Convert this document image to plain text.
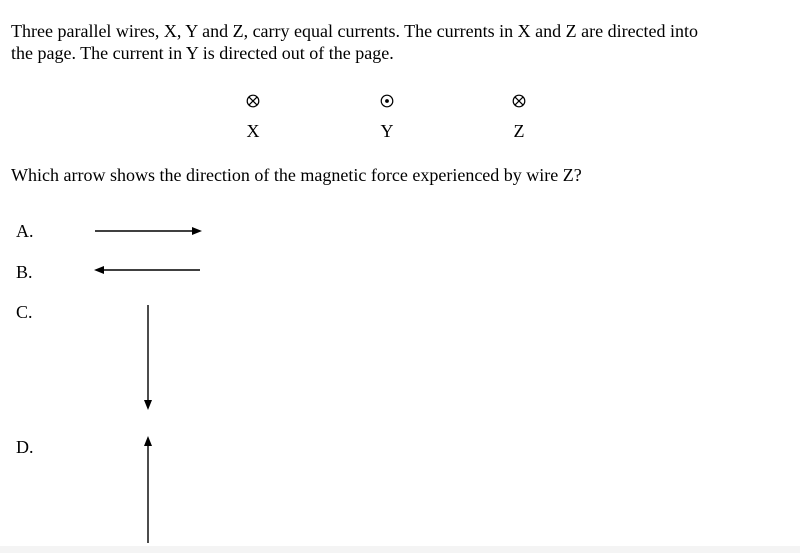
Three parallel wires, X, Y and Z, carry equal currents. The currents in X and Z are directed into
the page. The current in Y is directed out of the page.

X	Y	Z

Which arrow shows the direction of the magnetic force experienced by wire Z?

A.
B.
C.
D.
